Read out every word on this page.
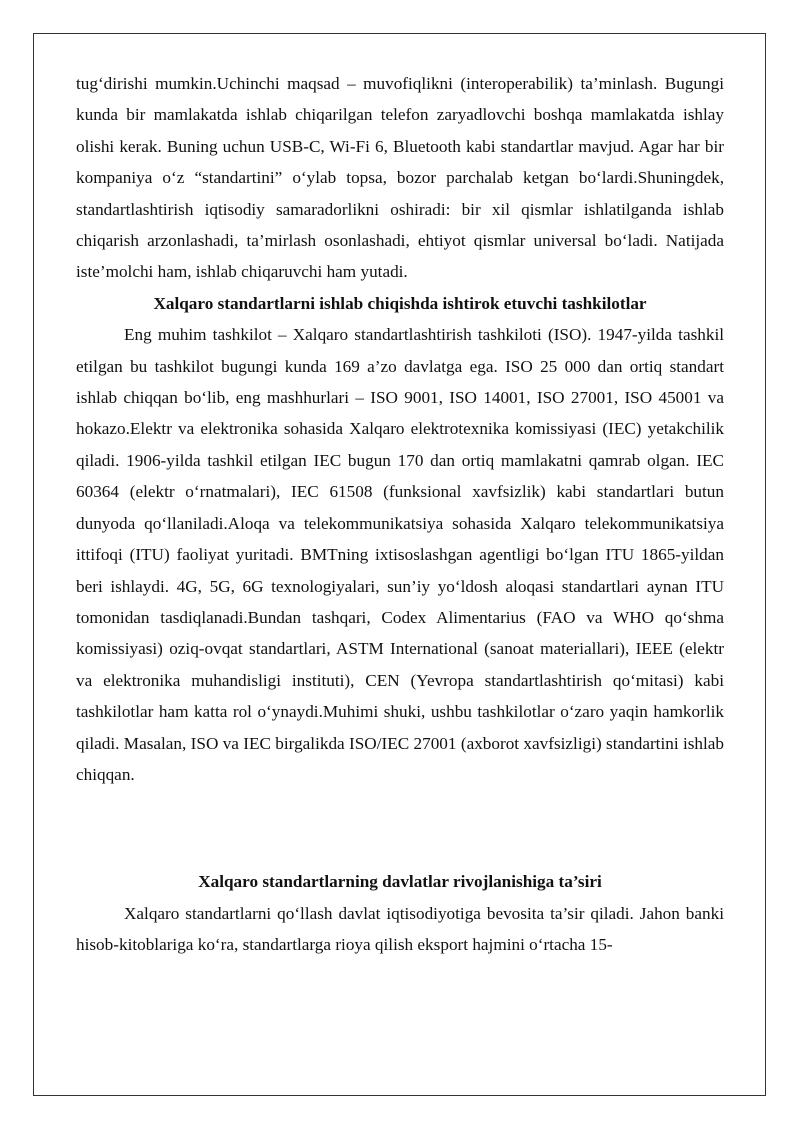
tug‘dirishi mumkin.Uchinchi maqsad – muvofiqlikni (interoperabilik) ta’minlash. Bugungi kunda bir mamlakatda ishlab chiqarilgan telefon zaryadlovchi boshqa mamlakatda ishlay olishi kerak. Buning uchun USB-C, Wi-Fi 6, Bluetooth kabi standartlar mavjud. Agar har bir kompaniya o‘z “standartini” o‘ylab topsa, bozor parchalab ketgan bo‘lardi.Shuningdek, standartlashtirish iqtisodiy samaradorlikni oshiradi: bir xil qismlar ishlatilganda ishlab chiqarish arzonlashadi, ta’mirlash osonlashadi, ehtiyot qismlar universal bo‘ladi. Natijada iste’molchi ham, ishlab chiqaruvchi ham yutadi.

Xalqaro standartlarni ishlab chiqishda ishtirok etuvchi tashkilotlar

Eng muhim tashkilot – Xalqaro standartlashtirish tashkiloti (ISO). 1947-yilda tashkil etilgan bu tashkilot bugungi kunda 169 a’zo davlatga ega. ISO 25 000 dan ortiq standart ishlab chiqqan bo‘lib, eng mashhurlari – ISO 9001, ISO 14001, ISO 27001, ISO 45001 va hokazo.Elektr va elektronika sohasida Xalqaro elektrotexnika komissiyasi (IEC) yetakchilik qiladi. 1906-yilda tashkil etilgan IEC bugun 170 dan ortiq mamlakatni qamrab olgan. IEC 60364 (elektr o‘rnatmalari), IEC 61508 (funksional xavfsizlik) kabi standartlari butun dunyoda qo‘llaniladi.Aloqa va telekommunikatsiya sohasida Xalqaro telekommunikatsiya ittifoqi (ITU) faoliyat yuritadi. BMTning ixtisoslashgan agentligi bo‘lgan ITU 1865-yildan beri ishlaydi. 4G, 5G, 6G texnologiyalari, sun’iy yo‘ldosh aloqasi standartlari aynan ITU tomonidan tasdiqlanadi.Bundan tashqari, Codex Alimentarius (FAO va WHO qo‘shma komissiyasi) oziq-ovqat standartlari, ASTM International (sanoat materiallari), IEEE (elektr va elektronika muhandisligi instituti), CEN (Yevropa standartlashtirish qo‘mitasi) kabi tashkilotlar ham katta rol o‘ynaydi.Muhimi shuki, ushbu tashkilotlar o‘zaro yaqin hamkorlik qiladi. Masalan, ISO va IEC birgalikda ISO/IEC 27001 (axborot xavfsizligi) standartini ishlab chiqqan.

Xalqaro standartlarning davlatlar rivojlanishiga ta’siri

Xalqaro standartlarni qo‘llash davlat iqtisodiyotiga bevosita ta’sir qiladi. Jahon banki hisob-kitoblariga ko‘ra, standartlarga rioya qilish eksport hajmini o‘rtacha 15-
